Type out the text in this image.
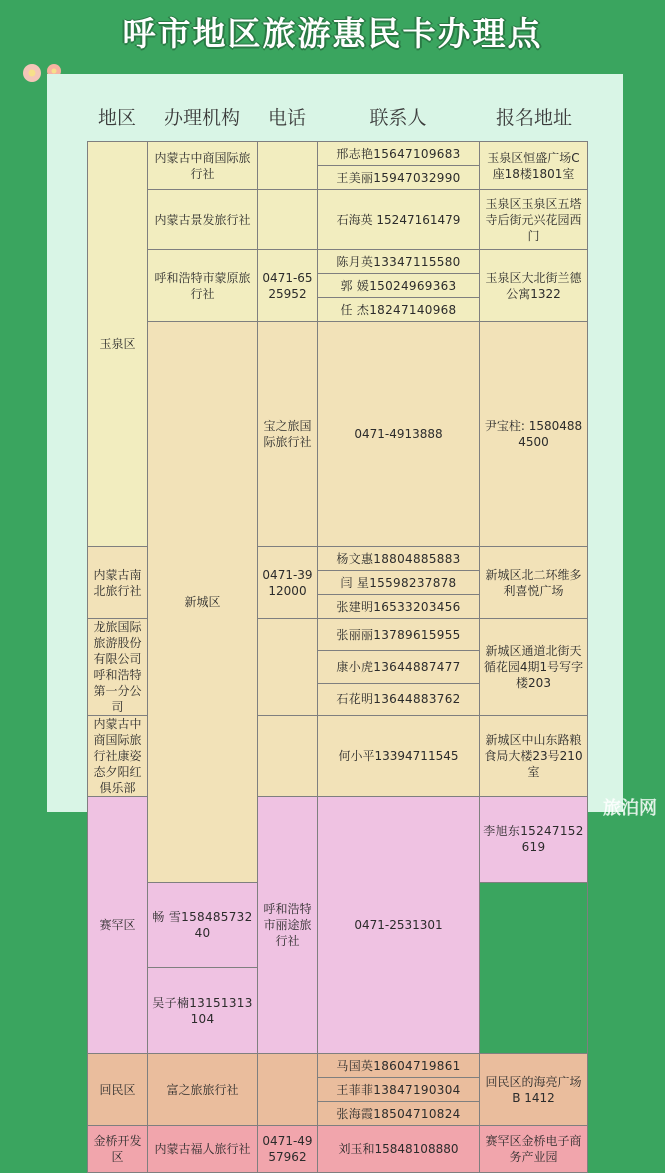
呼市地区旅游惠民卡办理点
地区	办理机构	电话	联系人	报名地址
玉泉区	内蒙古中商国际旅行社		邢志艳15647109683	玉泉区恒盛广场C座18楼1801室	
			王美丽15947032990		
	内蒙古景发旅行社		石海英 15247161479	玉泉区玉泉区五塔寺后街元兴花园西门	
	呼和浩特市蒙原旅行社	0471-6525952	陈月英13347115580	玉泉区大北街兰德公寓1322	
			郭 媛15024969363		
			任 杰18247140968		
	新城区	宝之旅国际旅行社	0471-4913888	尹宝柱: 15804884500	
内蒙古南北旅行社		0471-3912000	杨文惠18804885883	新城区北二环维多利喜悦广场	
			闫 星15598237878		
			张建明16533203456		
龙旅国际旅游股份有限公司呼和浩特第一分公司			张丽丽13789615955	新城区通道北街天循花园4期1号写字楼203	
			康小虎13644887477		
			石花明13644883762		
内蒙古中商国际旅行社康姿态夕阳红俱乐部			何小平13394711545	新城区中山东路粮食局大楼23号210室	
赛罕区		呼和浩特市丽途旅行社	0471-2531301	李旭东15247152619	
	畅 雪15848573240				
	吴子楠13151313104				
回民区	富之旅旅行社		马国英18604719861	回民区的海亮广场B 1412	
			王菲菲13847190304		
			张海霞18504710824		
金桥开发区	内蒙古福人旅行社	0471-4957962	刘玉和15848108880	赛罕区金桥电子商务产业园	
旅泊网
